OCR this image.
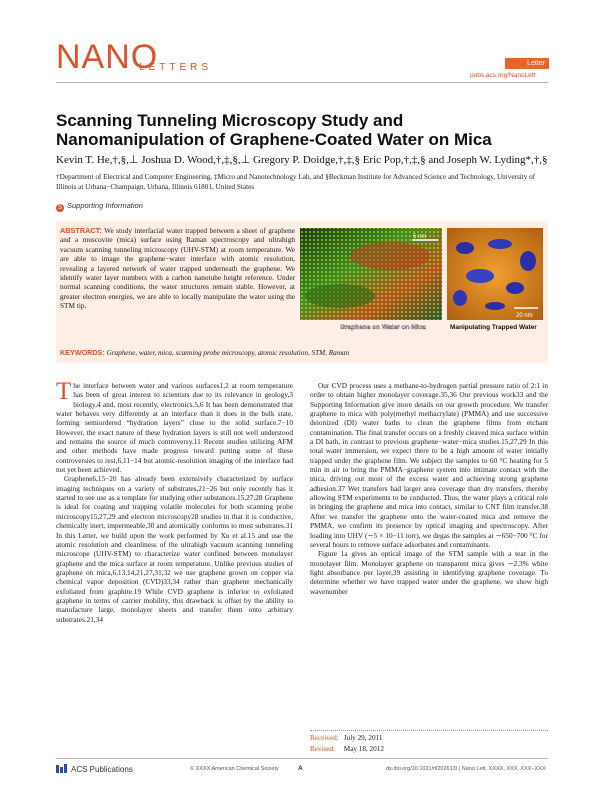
NANO
LETTERS	Letter
pubs.acs.org/NanoLett
Scanning Tunneling Microscopy Study and Nanomanipulation of Graphene-Coated Water on Mica
Kevin T. He,†,§,⊥ Joshua D. Wood,†,‡,§,⊥ Gregory P. Doidge,†,‡,§ Eric Pop,†,‡,§ and Joseph W. Lyding*,†,§
†Department of Electrical and Computer Engineering, ‡Micro and Nanotechnology Lab, and §Beckman Institute for Advanced Science and Technology, University of Illinois at Urbana−Champaign, Urbana, Illinois 61801, United States
S Supporting Information
ABSTRACT: We study interfacial water trapped between a sheet of graphene and a muscovite (mica) surface using Raman spectroscopy and ultrahigh vacuum scanning tunneling microscopy (UHV-STM) at room temperature. We are able to image the graphene−water interface with atomic resolution, revealing a layered network of water trapped underneath the graphene. We identify water layer numbers with a carbon nanotube height reference. Under normal scanning conditions, the water structures remain stable. However, at greater electron energies, we are able to locally manipulate the water using the STM tip.
5 nm
20 nm
Graphene on Water on Mica	Manipulating Trapped Water
KEYWORDS: Graphene, water, mica, scanning probe microscopy, atomic resolution, STM, Raman

The interface between water and various surfaces1,2 at room temperature has been of great interest to scientists due to its relevance in geology,3 biology,4 and, most recently, electronics.5,6 It has been demonstrated that water behaves very differently at an interface than it does in the bulk state, forming semiordered “hydration layers” close to the solid surface.7−10 However, the exact nature of these hydration layers is still not well understood and remains the source of much controversy.11 Recent studies utilizing AFM and other methods have made progress toward putting some of these controversies to rest,6,11−14 but atomic-resolution imaging of the interface had not yet been achieved.

Graphene6,15−20 has already been extensively characterized by surface imaging techniques on a variety of substrates,21−26 but only recently has it started to see use as a template for studying other substances.15,27,28 Graphene is ideal for coating and trapping volatile molecules for both scanning probe microscopy15,27,29 and electron microscopy28 studies in that it is conductive, chemically inert, impermeable,30 and atomically conforms to most substrates.31 In this Letter, we build upon the work performed by Xu et al.15 and use the atomic resolution and cleanliness of the ultrahigh vacuum scanning tunneling microscope (UHV-STM) to characterize water confined between monolayer graphene and the mica surface at room temperature. Unlike previous studies of graphene on mica,6,13,14,21,27,31,32 we use graphene grown on copper via chemical vapor deposition (CVD)33,34 rather than graphene mechanically exfoliated from graphite.19 While CVD graphene is inferior to exfoliated graphene in terms of carrier mobility, this drawback is offset by the ability to manufacture large, monolayer sheets and transfer them onto arbitrary substrates.21,34

Our CVD process uses a methane-to-hydrogen partial pressure ratio of 2:1 in order to obtain higher monolayer coverage.35,36 Our previous work33 and the Supporting Information give more details on our growth procedure. We transfer graphene to mica with poly(methyl methacrylate) (PMMA) and use successive deionized (DI) water baths to clean the graphene films from etchant contamination. The final transfer occurs on a freshly cleaved mica surface within a DI bath, in contrast to previous graphene−water−mica studies.15,27,29 In this total water immersion, we expect there to be a high amount of water initially trapped under the graphene film. We subject the samples to 60 °C heating for 5 min in air to bring the PMMA−graphene system into intimate contact with the mica, driving out most of the excess water and achieving strong graphene adhesion.37 Wet transfers had larger area coverage than dry transfers, thereby allowing STM experiments to be conducted. Thus, the water plays a critical role in bringing the graphene and mica into contact, similar to CNT film transfer.38 After we transfer the graphene onto the water-coated mica and remove the PMMA, we confirm its presence by optical imaging and spectroscopy. After loading into UHV (∼5 × 10−11 torr), we degas the samples at ∼650−700 °C for several hours to remove surface adsorbates and contaminants.

Figure 1a gives an optical image of the STM sample with a tear in the monolayer film. Monolayer graphene on transparent mica gives ∼2.3% white light absorbance per layer,39 assisting in identifying graphene coverage. To determine whether we have trapped water under the graphene, we show high wavenumber

Received: July 29, 2011
Revised: May 18, 2012
ACS Publications	© XXXX American Chemical Society	A	dx.doi.org/10.1021/nl202613t | Nano Lett. XXXX, XXX, XXX−XXX
